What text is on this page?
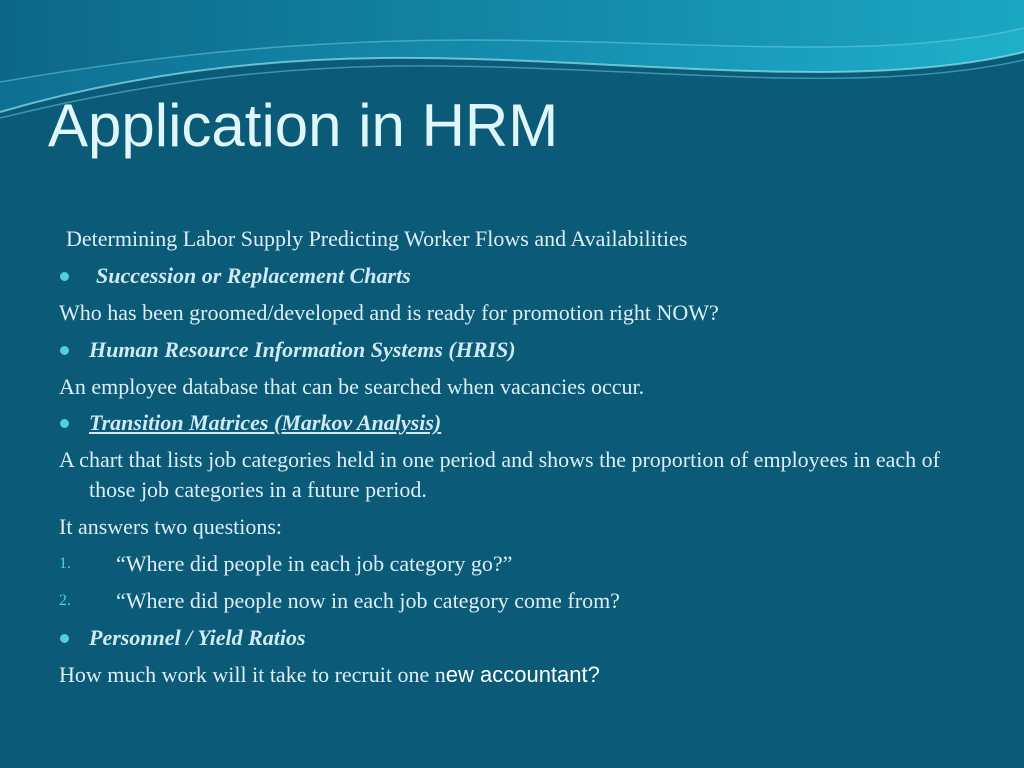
Application in HRM
Determining Labor Supply Predicting Worker Flows and Availabilities
Succession or Replacement Charts
Who has been groomed/developed and is ready for promotion right NOW?
Human Resource Information Systems (HRIS)
An employee database that can be searched when vacancies occur.
Transition Matrices (Markov Analysis)
A chart that lists job categories held in one period and shows the proportion of employees in each of those job categories in a future period.
It answers two questions:
1. “Where did people in each job category go?”
2. “Where did people now in each job category come from?
Personnel / Yield Ratios
How much work will it take to recruit one new accountant?
